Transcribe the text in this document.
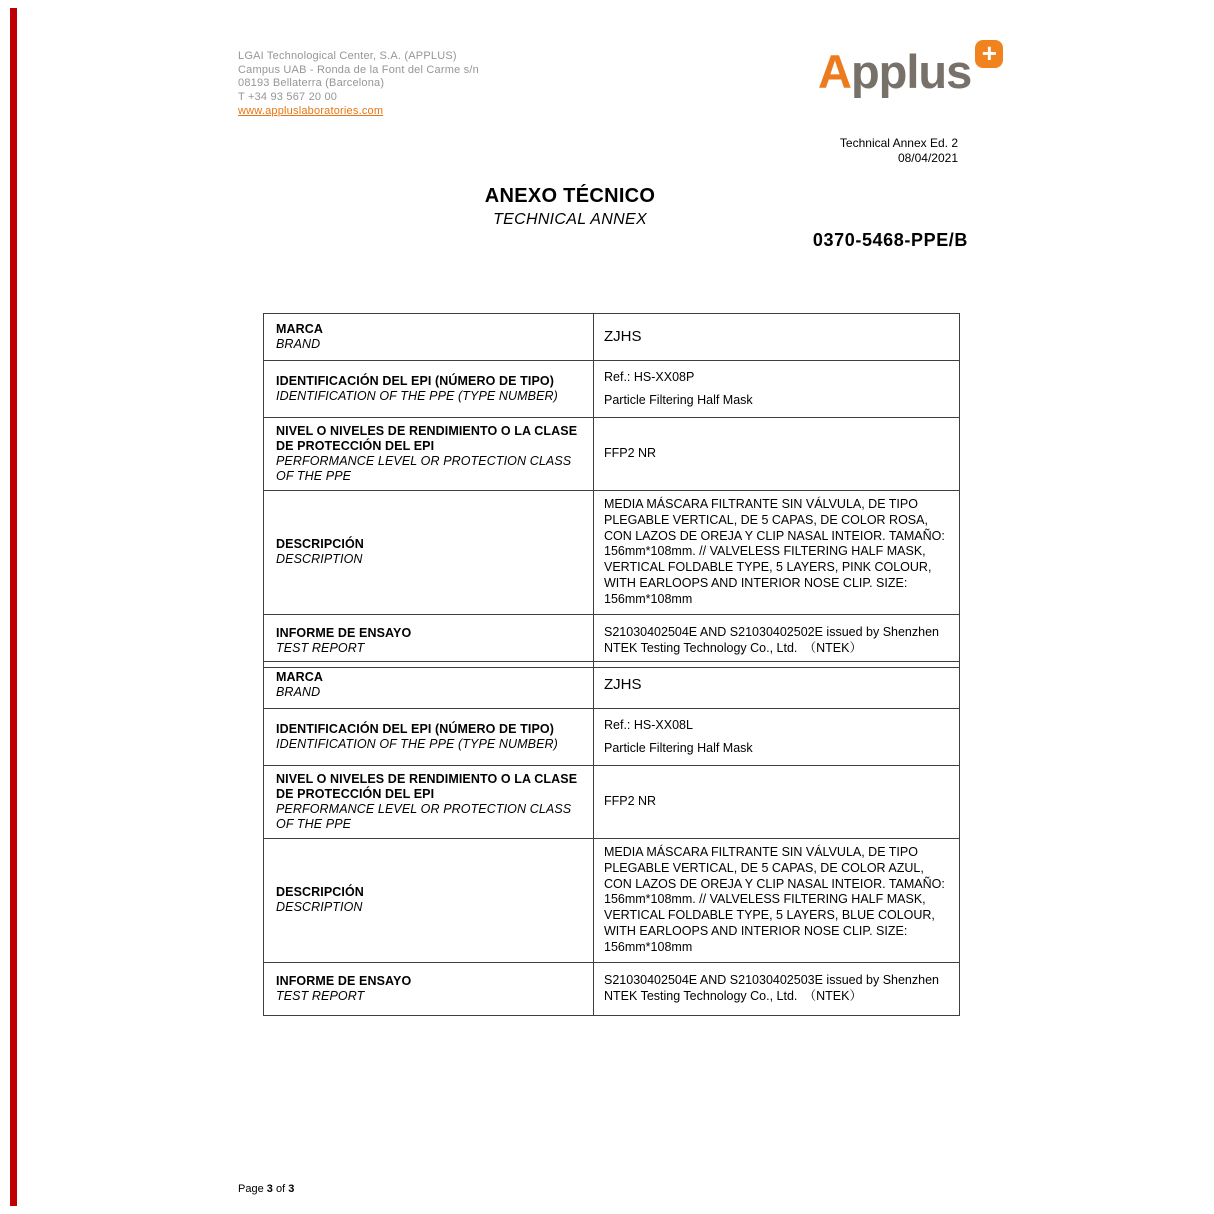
LGAI Technological Center, S.A. (APPLUS)
Campus UAB - Ronda de la Font del Carme s/n
08193 Bellaterra (Barcelona)
T +34 93 567 20 00
www.appluslaboratories.com
Applus +
Technical Annex Ed. 2
08/04/2021
ANEXO TÉCNICO
TECHNICAL ANNEX
0370-5468-PPE/B
MARCA
BRAND	ZJHS

IDENTIFICACIÓN DEL EPI (NÚMERO DE TIPO)
IDENTIFICATION OF THE PPE (TYPE NUMBER)

Ref.: HS-XX08P
Particle Filtering Half Mask

NIVEL O NIVELES DE RENDIMIENTO O LA CLASE DE PROTECCIÓN DEL EPI
PERFORMANCE LEVEL OR PROTECTION CLASS OF THE PPE	FFP2 NR

DESCRIPCIÓN
DESCRIPTION	MEDIA MÁSCARA FILTRANTE SIN VÁLVULA, DE TIPO PLEGABLE VERTICAL, DE 5 CAPAS, DE COLOR ROSA, CON LAZOS DE OREJA Y CLIP NASAL INTEIOR. TAMAÑO: 156mm*108mm. // VALVELESS FILTERING HALF MASK, VERTICAL FOLDABLE TYPE, 5 LAYERS, PINK COLOUR, WITH EARLOOPS AND INTERIOR NOSE CLIP. SIZE: 156mm*108mm

INFORME DE ENSAYO
TEST REPORT	S21030402504E AND S21030402502E issued by Shenzhen NTEK Testing Technology Co., Ltd.　（NTEK）
MARCA
BRAND	ZJHS

IDENTIFICACIÓN DEL EPI (NÚMERO DE TIPO)
IDENTIFICATION OF THE PPE (TYPE NUMBER)

Ref.: HS-XX08L
Particle Filtering Half Mask

NIVEL O NIVELES DE RENDIMIENTO O LA CLASE DE PROTECCIÓN DEL EPI
PERFORMANCE LEVEL OR PROTECTION CLASS OF THE PPE	FFP2 NR

DESCRIPCIÓN
DESCRIPTION	MEDIA MÁSCARA FILTRANTE SIN VÁLVULA, DE TIPO PLEGABLE VERTICAL, DE 5 CAPAS, DE COLOR AZUL, CON LAZOS DE OREJA Y CLIP NASAL INTEIOR. TAMAÑO: 156mm*108mm. // VALVELESS FILTERING HALF MASK, VERTICAL FOLDABLE TYPE, 5 LAYERS, BLUE COLOUR, WITH EARLOOPS AND INTERIOR NOSE CLIP. SIZE: 156mm*108mm

INFORME DE ENSAYO
TEST REPORT	S21030402504E AND S21030402503E issued by Shenzhen NTEK Testing Technology Co., Ltd.　（NTEK）
Page 3 of 3
